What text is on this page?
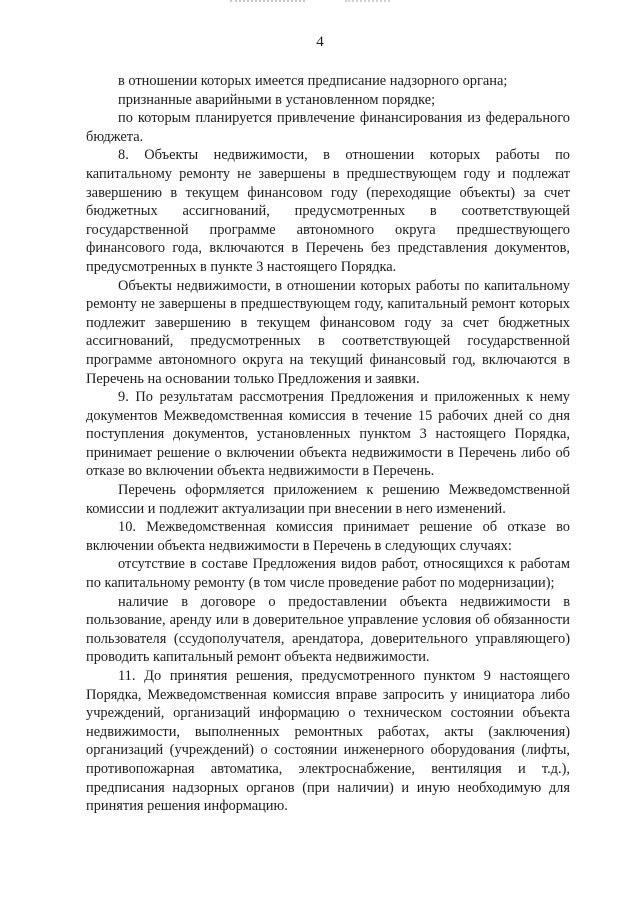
4

в отношении которых имеется предписание надзорного органа;

признанные аварийными в установленном порядке;

по которым планируется привлечение финансирования из федерального бюджета.

8. Объекты недвижимости, в отношении которых работы по капитальному ремонту не завершены в предшествующем году и подлежат завершению в текущем финансовом году (переходящие объекты) за счет бюджетных ассигнований, предусмотренных в соответствующей государственной программе автономного округа предшествующего финансового года, включаются в Перечень без представления документов, предусмотренных в пункте 3 настоящего Порядка.

Объекты недвижимости, в отношении которых работы по капитальному ремонту не завершены в предшествующем году, капитальный ремонт которых подлежит завершению в текущем финансовом году за счет бюджетных ассигнований, предусмотренных в соответствующей государственной программе автономного округа на текущий финансовый год, включаются в Перечень на основании только Предложения и заявки.

9. По результатам рассмотрения Предложения и приложенных к нему документов Межведомственная комиссия в течение 15 рабочих дней со дня поступления документов, установленных пунктом 3 настоящего Порядка, принимает решение о включении объекта недвижимости в Перечень либо об отказе во включении объекта недвижимости в Перечень.

Перечень оформляется приложением к решению Межведомственной комиссии и подлежит актуализации при внесении в него изменений.

10. Межведомственная комиссия принимает решение об отказе во включении объекта недвижимости в Перечень в следующих случаях:

отсутствие в составе Предложения видов работ, относящихся к работам по капитальному ремонту (в том числе проведение работ по модернизации);

наличие в договоре о предоставлении объекта недвижимости в пользование, аренду или в доверительное управление условия об обязанности пользователя (ссудополучателя, арендатора, доверительного управляющего) проводить капитальный ремонт объекта недвижимости.

11. До принятия решения, предусмотренного пунктом 9 настоящего Порядка, Межведомственная комиссия вправе запросить у инициатора либо учреждений, организаций информацию о техническом состоянии объекта недвижимости, выполненных ремонтных работах, акты (заключения) организаций (учреждений) о состоянии инженерного оборудования (лифты, противопожарная автоматика, электроснабжение, вентиляция и т.д.), предписания надзорных органов (при наличии) и иную необходимую для принятия решения информацию.
